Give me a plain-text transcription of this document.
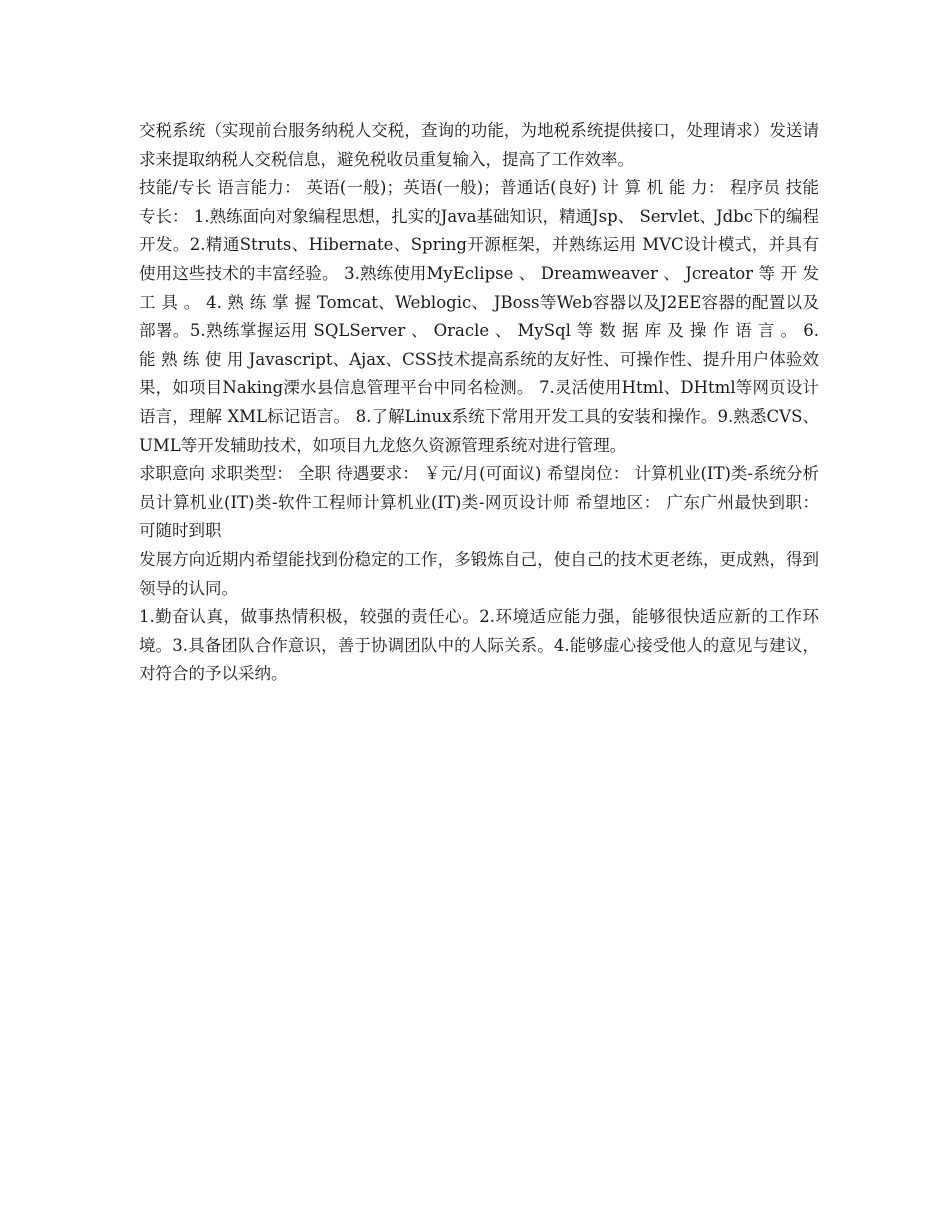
交税系统（实现前台服务纳税人交税，查询的功能，为地税系统提供接口，处理请求）发送请求来提取纳税人交税信息，避免税收员重复输入，提高了工作效率。

技能/专长 语言能力： 英语(一般)；英语(一般)；普通话(良好) 计 算 机 能 力： 程序员 技能专长： 1.熟练面向对象编程思想，扎实的Java基础知识，精通Jsp、 Servlet、Jdbc下的编程开发。2.精通Struts、Hibernate、Spring开源框架，并熟练运用 MVC设计模式，并具有使用这些技术的丰富经验。 3.熟练使用MyEclipse 、 Dreamweaver 、 Jcreator 等 开 发 工 具 。 4. 熟 练 掌 握 Tomcat、Weblogic、 JBoss等Web容器以及J2EE容器的配置以及部署。5.熟练掌握运用 SQLServer 、 Oracle 、 MySql 等 数 据 库 及 操 作 语 言 。 6. 能 熟 练 使 用 Javascript、Ajax、CSS技术提高系统的友好性、可操作性、提升用户体验效果，如项目Naking溧水县信息管理平台中同名检测。 7.灵活使用Html、DHtml等网页设计语言，理解 XML标记语言。 8.了解Linux系统下常用开发工具的安装和操作。9.熟悉CVS、UML等开发辅助技术，如项目九龙悠久资源管理系统对进行管理。

求职意向 求职类型： 全职 待遇要求： ￥元/月(可面议) 希望岗位： 计算机业(IT)类-系统分析员计算机业(IT)类-软件工程师计算机业(IT)类-网页设计师 希望地区： 广东广州最快到职： 可随时到职

发展方向近期内希望能找到份稳定的工作，多锻炼自己，使自己的技术更老练，更成熟，得到领导的认同。

1.勤奋认真，做事热情积极，较强的责任心。2.环境适应能力强，能够很快适应新的工作环境。3.具备团队合作意识，善于协调团队中的人际关系。4.能够虚心接受他人的意见与建议，对符合的予以采纳。
